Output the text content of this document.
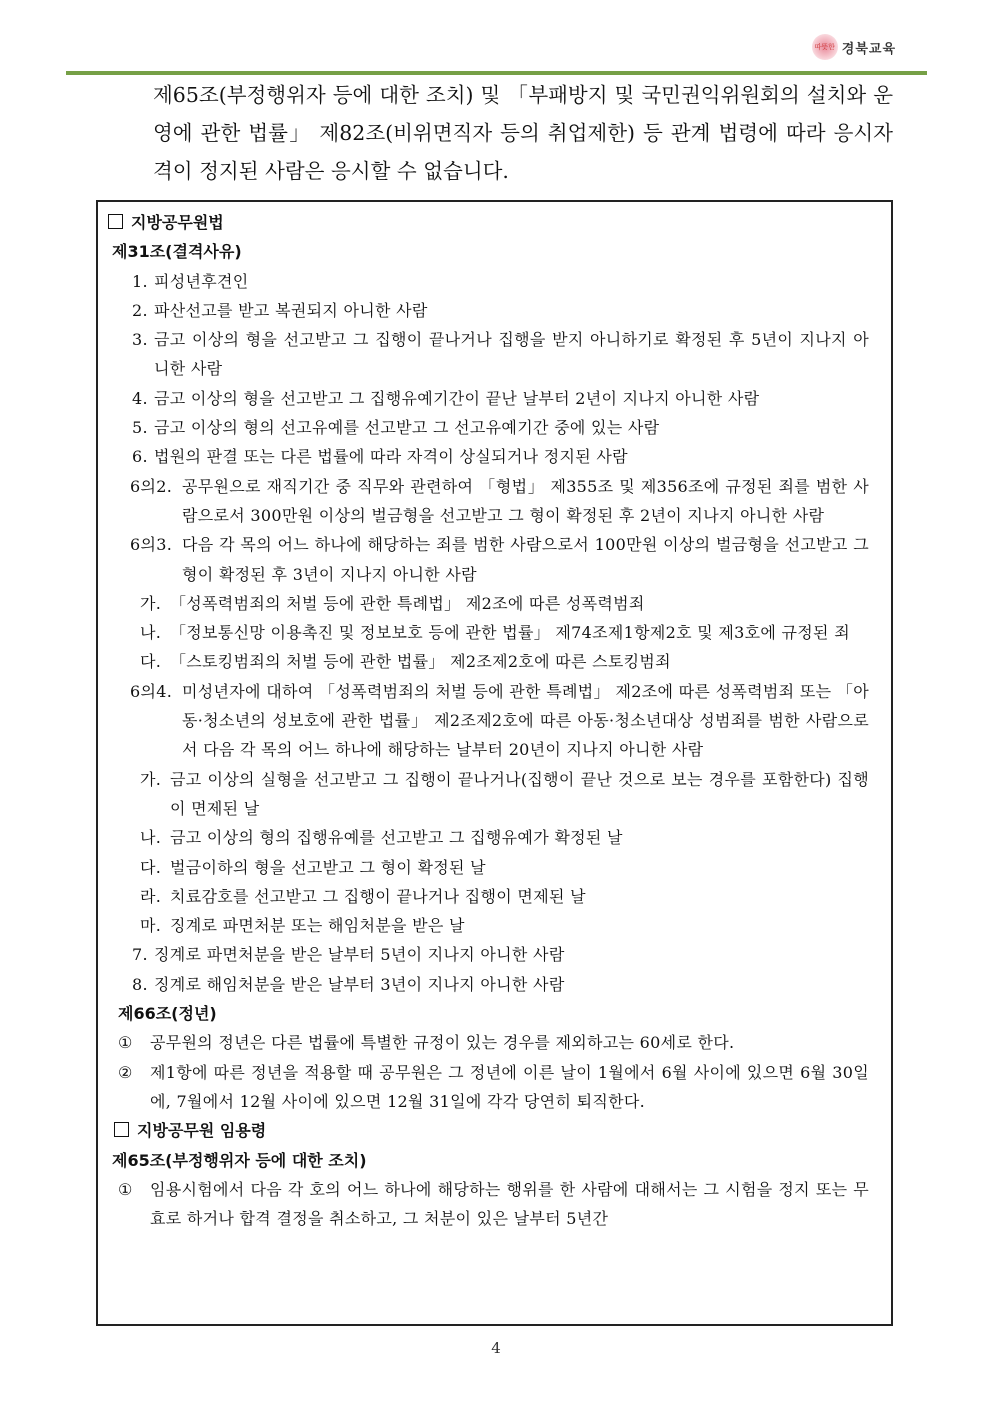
따뜻한 경북교육

제65조(부정행위자 등에 대한 조치) 및 「부패방지 및 국민권익위원회의 설치와 운영에 관한 법률」 제82조(비위면직자 등의 취업제한) 등 관계 법령에 따라 응시자격이 정지된 사람은 응시할 수 없습니다.

지방공무원법
제31조(결격사유)
1. 피성년후견인
2. 파산선고를 받고 복권되지 아니한 사람
3. 금고 이상의 형을 선고받고 그 집행이 끝나거나 집행을 받지 아니하기로 확정된 후 5년이 지나지 아니한 사람
4. 금고 이상의 형을 선고받고 그 집행유예기간이 끝난 날부터 2년이 지나지 아니한 사람
5. 금고 이상의 형의 선고유예를 선고받고 그 선고유예기간 중에 있는 사람
6. 법원의 판결 또는 다른 법률에 따라 자격이 상실되거나 정지된 사람
6의2. 공무원으로 재직기간 중 직무와 관련하여 「형법」 제355조 및 제356조에 규정된 죄를 범한 사람으로서 300만원 이상의 벌금형을 선고받고 그 형이 확정된 후 2년이 지나지 아니한 사람
6의3. 다음 각 목의 어느 하나에 해당하는 죄를 범한 사람으로서 100만원 이상의 벌금형을 선고받고 그 형이 확정된 후 3년이 지나지 아니한 사람
가. 「성폭력범죄의 처벌 등에 관한 특례법」 제2조에 따른 성폭력범죄
나. 「정보통신망 이용촉진 및 정보보호 등에 관한 법률」 제74조제1항제2호 및 제3호에 규정된 죄
다. 「스토킹범죄의 처벌 등에 관한 법률」 제2조제2호에 따른 스토킹범죄
6의4. 미성년자에 대하여 「성폭력범죄의 처벌 등에 관한 특례법」 제2조에 따른 성폭력범죄 또는 「아동·청소년의 성보호에 관한 법률」 제2조제2호에 따른 아동·청소년대상 성범죄를 범한 사람으로서 다음 각 목의 어느 하나에 해당하는 날부터 20년이 지나지 아니한 사람
가. 금고 이상의 실형을 선고받고 그 집행이 끝나거나(집행이 끝난 것으로 보는 경우를 포함한다) 집행이 면제된 날
나. 금고 이상의 형의 집행유예를 선고받고 그 집행유예가 확정된 날
다. 벌금이하의 형을 선고받고 그 형이 확정된 날
라. 치료감호를 선고받고 그 집행이 끝나거나 집행이 면제된 날
마. 징계로 파면처분 또는 해임처분을 받은 날
7. 징계로 파면처분을 받은 날부터 5년이 지나지 아니한 사람
8. 징계로 해임처분을 받은 날부터 3년이 지나지 아니한 사람
제66조(정년)
①	공무원의 정년은 다른 법률에 특별한 규정이 있는 경우를 제외하고는 60세로 한다.
②	제1항에 따른 정년을 적용할 때 공무원은 그 정년에 이른 날이 1월에서 6월 사이에 있으면 6월 30일에, 7월에서 12월 사이에 있으면 12월 31일에 각각 당연히 퇴직한다.
지방공무원 임용령
제65조(부정행위자 등에 대한 조치)
①	임용시험에서 다음 각 호의 어느 하나에 해당하는 행위를 한 사람에 대해서는 그 시험을 정지 또는 무효로 하거나 합격 결정을 취소하고, 그 처분이 있은 날부터 5년간
4
